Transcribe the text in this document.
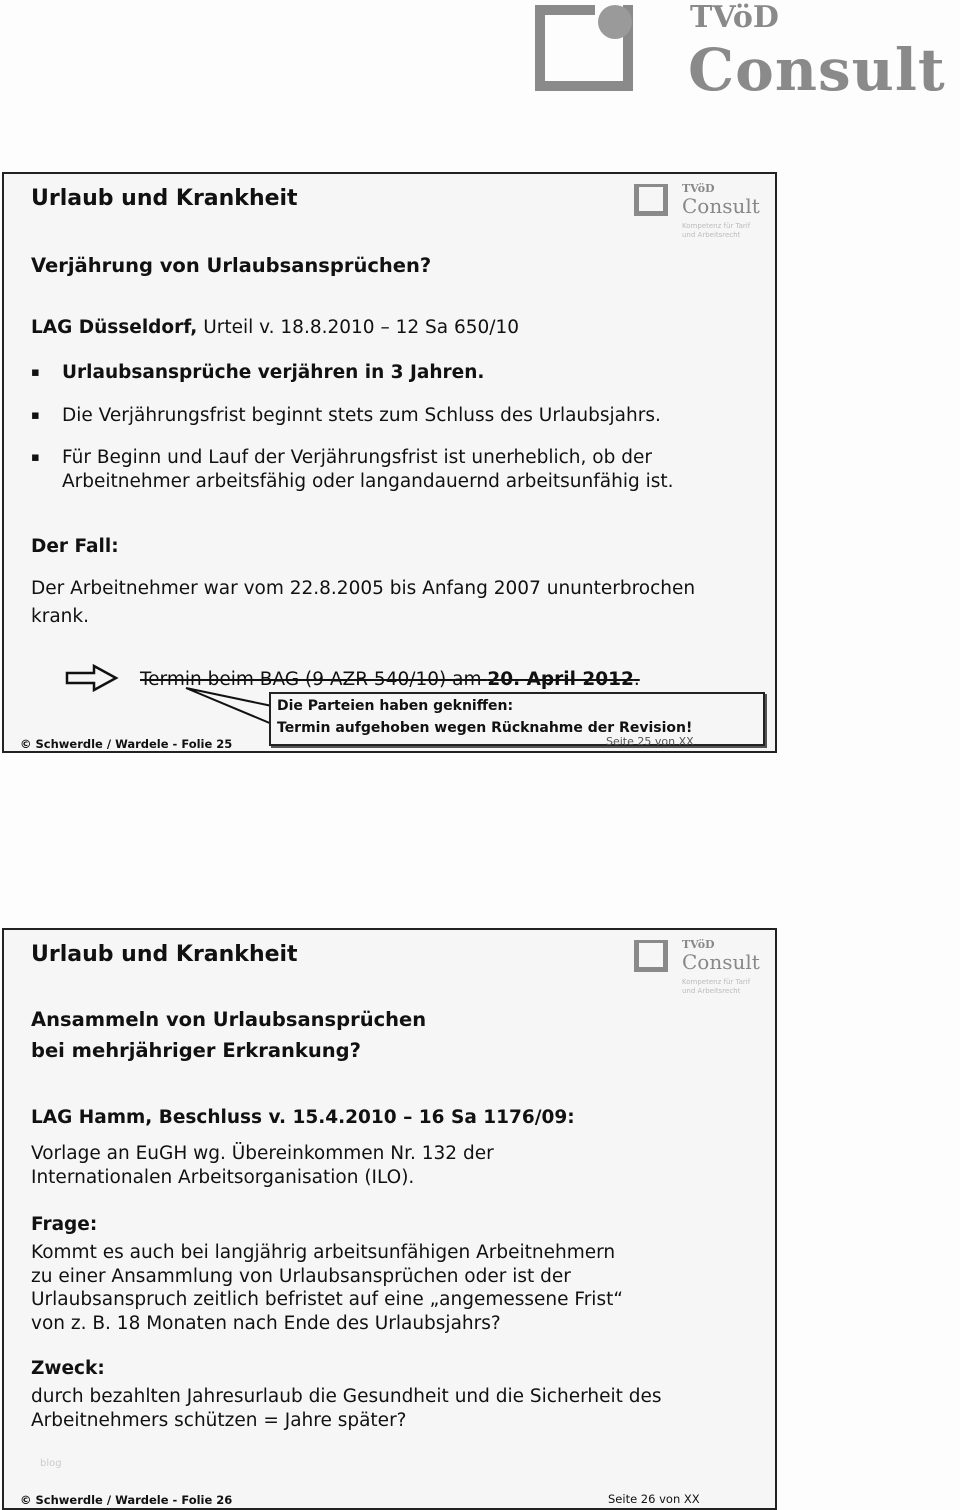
TVöD
Consult
TVöD
Consult
Kompetenz für Tarif
und Arbeitsrecht
Urlaub und Krankheit
Verjährung von Urlaubsansprüchen?
LAG Düsseldorf, Urteil v. 18.8.2010 – 12 Sa 650/10
▪ Urlaubsansprüche verjähren in 3 Jahren.
▪ Die Verjährungsfrist beginnt stets zum Schluss des Urlaubsjahrs.
▪ Für Beginn und Lauf der Verjährungsfrist ist unerheblich, ob der
Arbeitnehmer arbeitsfähig oder langandauernd arbeitsunfähig ist.
Der Fall:
Der Arbeitnehmer war vom 22.8.2005 bis Anfang 2007 ununterbrochen
krank.
Termin beim BAG (9 AZR 540/10) am 20. April 2012.
Die Parteien haben gekniffen:
Termin aufgehoben wegen Rücknahme der Revision!
© Schwerdle / Wardele - Folie 25
TVöD
Consult
Kompetenz für Tarif
und Arbeitsrecht
Urlaub und Krankheit
Ansammeln von Urlaubsansprüchen
bei mehrjähriger Erkrankung?
LAG Hamm, Beschluss v. 15.4.2010 – 16 Sa 1176/09:
Vorlage an EuGH wg. Übereinkommen Nr. 132 der
Internationalen Arbeitsorganisation (ILO).
Frage:
Kommt es auch bei langjährig arbeitsunfähigen Arbeitnehmern
zu einer Ansammlung von Urlaubsansprüchen oder ist der
Urlaubsanspruch zeitlich befristet auf eine „angemessene Frist“
von z. B. 18 Monaten nach Ende des Urlaubsjahrs?
Zweck:
durch bezahlten Jahresurlaub die Gesundheit und die Sicherheit des
Arbeitnehmers schützen = Jahre später?
blog
© Schwerdle / Wardele - Folie 26	Seite 26 von XX
